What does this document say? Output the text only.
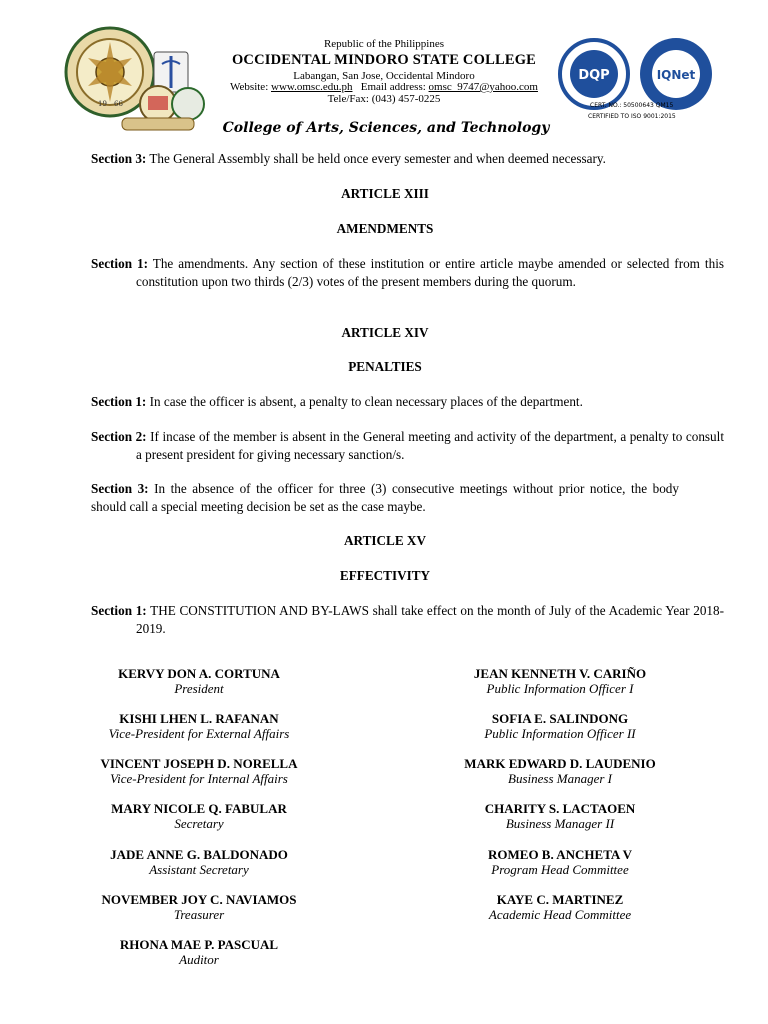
19 66
Republic of the Philippines
OCCIDENTAL MINDORO STATE COLLEGE
Labangan, San Jose, Occidental Mindoro
Website: www.omsc.edu.ph Email address: omsc_9747@yahoo.com
Tele/Fax: (043) 457-0225
DQP	IQNet
CERT. NO.: 50500643 QM15
CERTIFIED TO ISO 9001:2015
College of Arts, Sciences, and Technology
Section 3: The General Assembly shall be held once every semester and when deemed necessary.
ARTICLE XIII
AMENDMENTS
Section 1: The amendments. Any section of these institution or entire article maybe amended or selected from this constitution upon two thirds (2/3) votes of the present members during the quorum.
ARTICLE XIV
PENALTIES
Section 1: In case the officer is absent, a penalty to clean necessary places of the department.
Section 2: If incase of the member is absent in the General meeting and activity of the department, a penalty to consult a present president for giving necessary sanction/s.
Section 3: In the absence of the officer for three (3) consecutive meetings without prior notice, the body should call a special meeting decision be set as the case maybe.
ARTICLE XV
EFFECTIVITY
Section 1: THE CONSTITUTION AND BY-LAWS shall take effect on the month of July of the Academic Year 2018-2019.
KERVY DON A. CORTUNA
President
KISHI LHEN L. RAFANAN
Vice-President for External Affairs
VINCENT JOSEPH D. NORELLA
Vice-President for Internal Affairs
MARY NICOLE Q. FABULAR
Secretary
JADE ANNE G. BALDONADO
Assistant Secretary
NOVEMBER JOY C. NAVIAMOS
Treasurer
RHONA MAE P. PASCUAL
Auditor
JEAN KENNETH V. CARIÑO
Public Information Officer I
SOFIA E. SALINDONG
Public Information Officer II
MARK EDWARD D. LAUDENIO
Business Manager I
CHARITY S. LACTAOEN
Business Manager II
ROMEO B. ANCHETA V
Program Head Committee
KAYE C. MARTINEZ
Academic Head Committee
